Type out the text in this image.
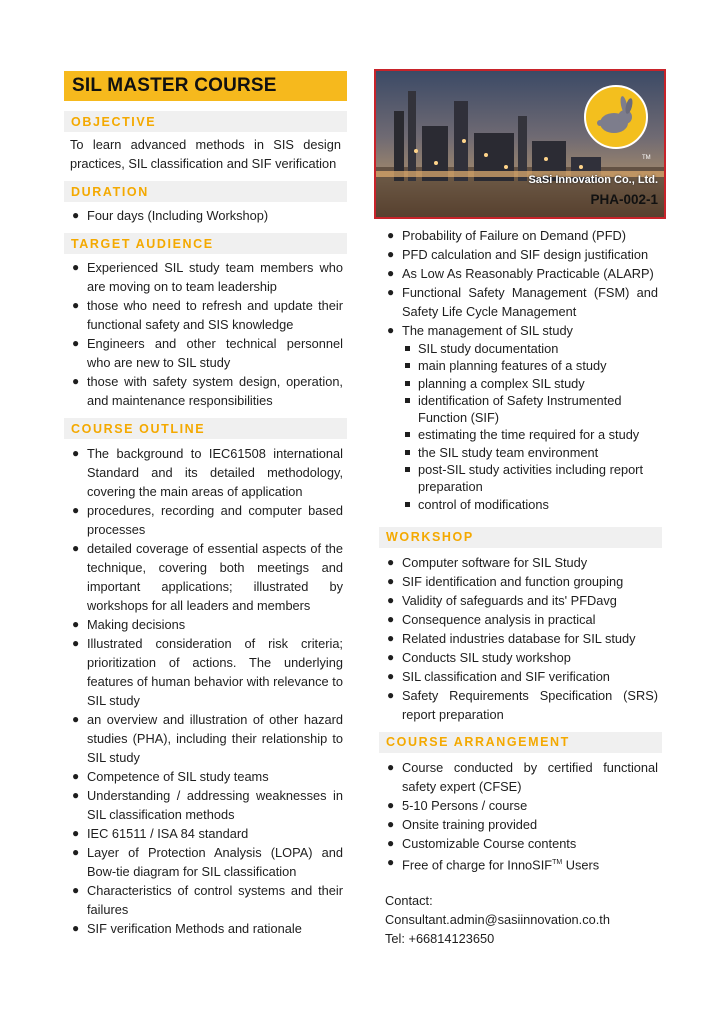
TM
SaSi Innovation Co., Ltd.
PHA-002-1
SIL MASTER COURSE
OBJECTIVE

To learn advanced methods in SIS design practices, SIL classification and SIF verification

DURATION
● Four days (Including Workshop)
TARGET AUDIENCE
● Experienced SIL study team members who are moving on to team leadership
● those who need to refresh and update their functional safety and SIS knowledge
● Engineers and other technical personnel who are new to SIL study
● those with safety system design, operation, and maintenance responsibilities
COURSE OUTLINE
● The background to IEC61508 international Standard and its detailed methodology, covering the main areas of application
● procedures, recording and computer based processes
● detailed coverage of essential aspects of the technique, covering both meetings and important applications; illustrated by workshops for all leaders and members
● Making decisions
● Illustrated consideration of risk criteria; prioritization of actions. The underlying features of human behavior with relevance to SIL study
● an overview and illustration of other hazard studies (PHA), including their relationship to SIL study
● Competence of SIL study teams
● Understanding / addressing weaknesses in SIL classification methods
● IEC 61511 / ISA 84 standard
● Layer of Protection Analysis (LOPA) and Bow-tie diagram for SIL classification
● Characteristics of control systems and their failures
● SIF verification Methods and rationale
● Probability of Failure on Demand (PFD)
● PFD calculation and SIF design justification
● As Low As Reasonably Practicable (ALARP)
● Functional Safety Management (FSM) and Safety Life Cycle Management
● The management of SIL study
SIL study documentation
main planning features of a study
planning a complex SIL study
identification of Safety Instrumented Function (SIF)
estimating the time required for a study
the SIL study team environment
post-SIL study activities including report preparation
control of modifications
WORKSHOP
● Computer software for SIL Study
● SIF identification and function grouping
● Validity of safeguards and its' PFDavg
● Consequence analysis in practical
● Related industries database for SIL study
● Conducts SIL study workshop
● SIL classification and SIF verification
● Safety Requirements Specification (SRS) report preparation
COURSE ARRANGEMENT
● Course conducted by certified functional safety expert (CFSE)
● 5-10 Persons / course
● Onsite training provided
● Customizable Course contents
● Free of charge for InnoSIF™ Users
Contact:
Consultant.admin@sasiinnovation.co.th
Tel: +66814123650
